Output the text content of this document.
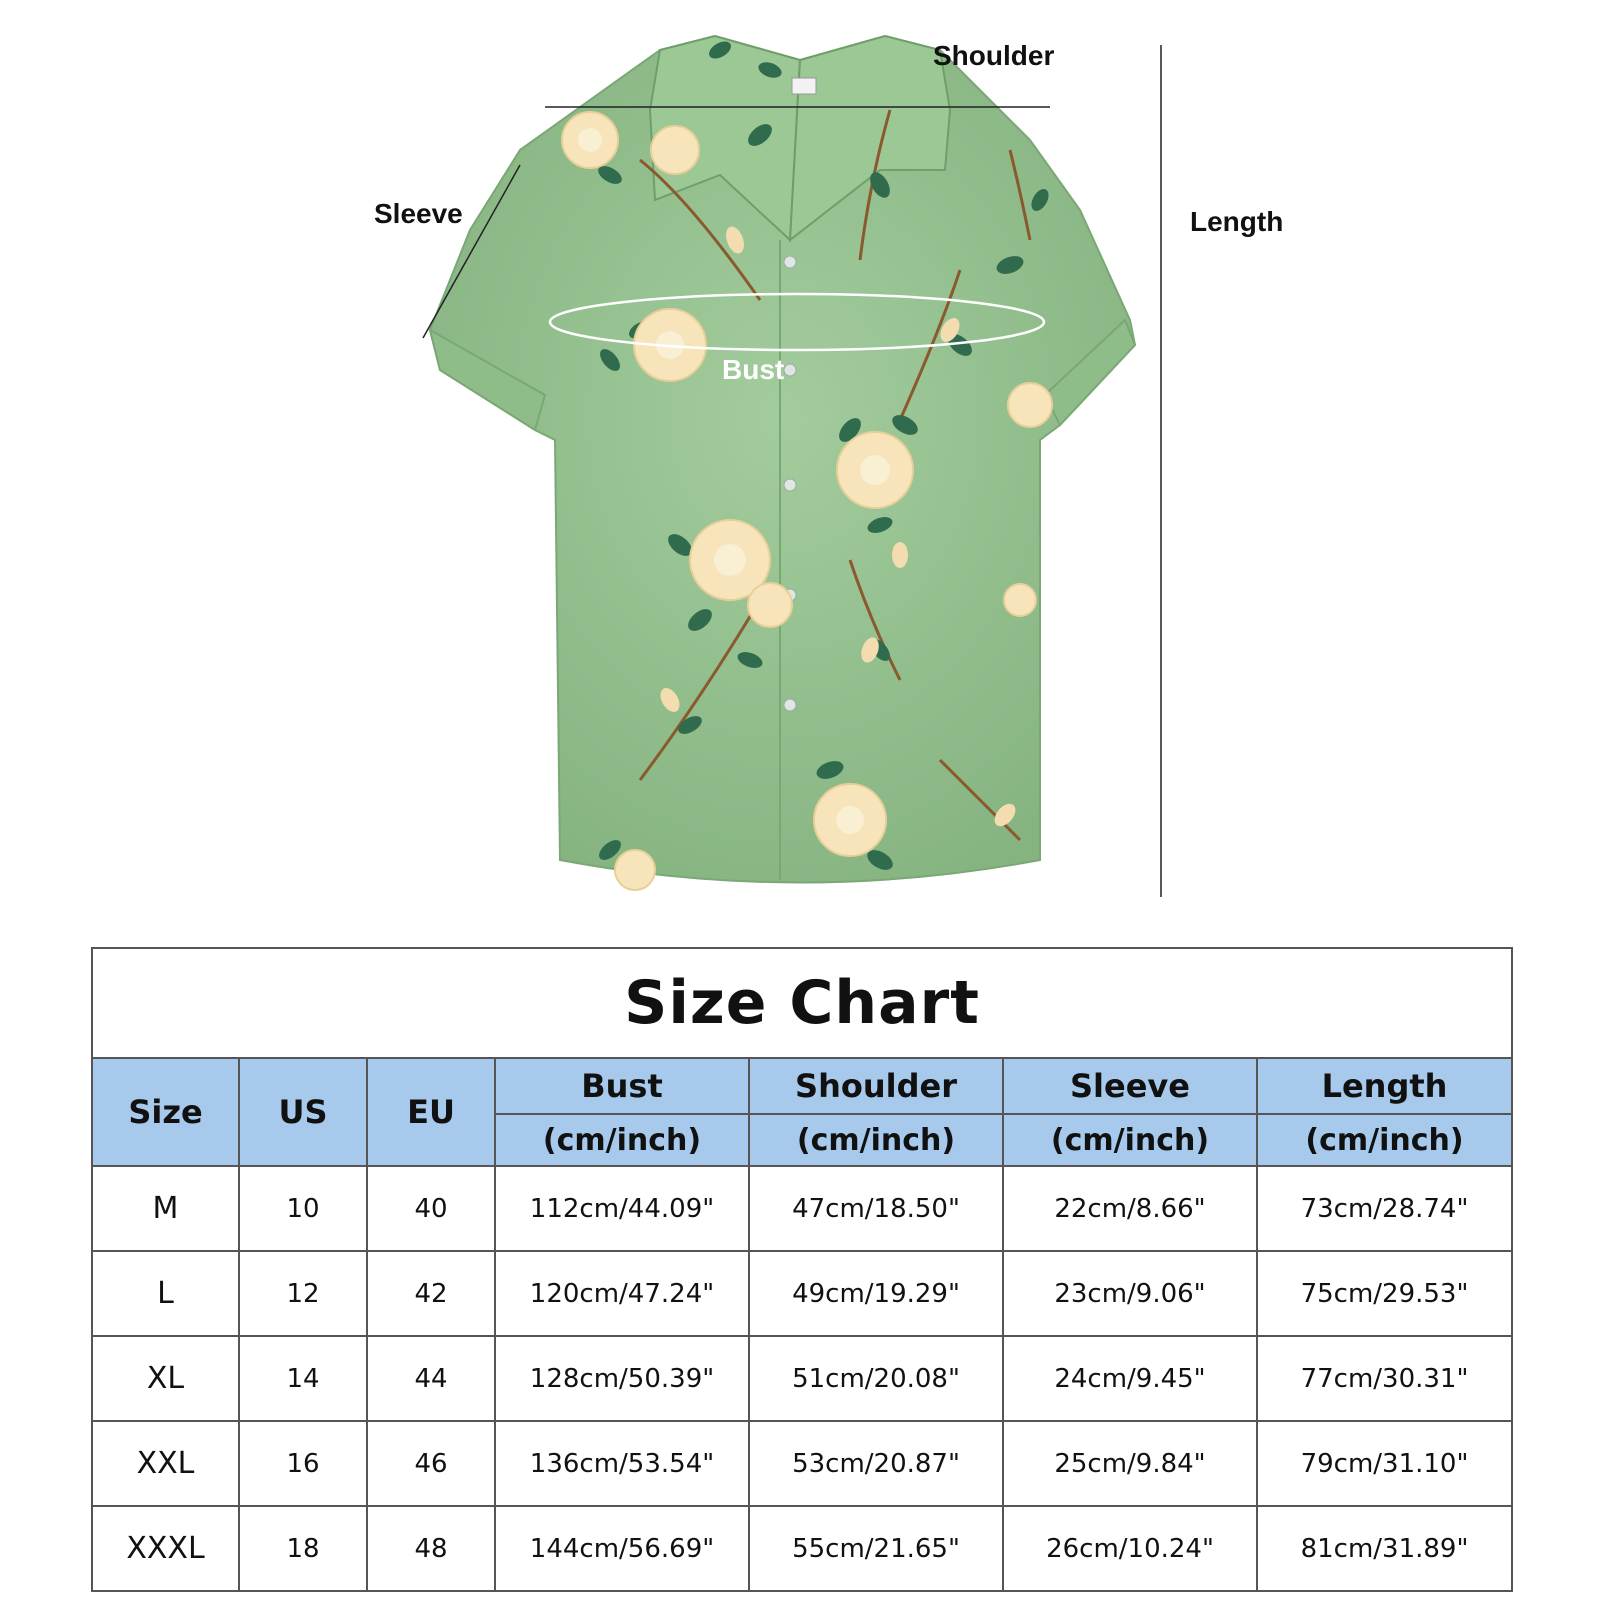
Shoulder
Sleeve	Length
Bust
Size Chart						
Size	US	EU	Bust	Shoulder	Sleeve	Length
			(cm/inch)	(cm/inch)	(cm/inch)	(cm/inch)
M	10	40	112cm/44.09"	47cm/18.50"	22cm/8.66"	73cm/28.74"
L	12	42	120cm/47.24"	49cm/19.29"	23cm/9.06"	75cm/29.53"
XL	14	44	128cm/50.39"	51cm/20.08"	24cm/9.45"	77cm/30.31"
XXL	16	46	136cm/53.54"	53cm/20.87"	25cm/9.84"	79cm/31.10"
XXXL	18	48	144cm/56.69"	55cm/21.65"	26cm/10.24"	81cm/31.89"
